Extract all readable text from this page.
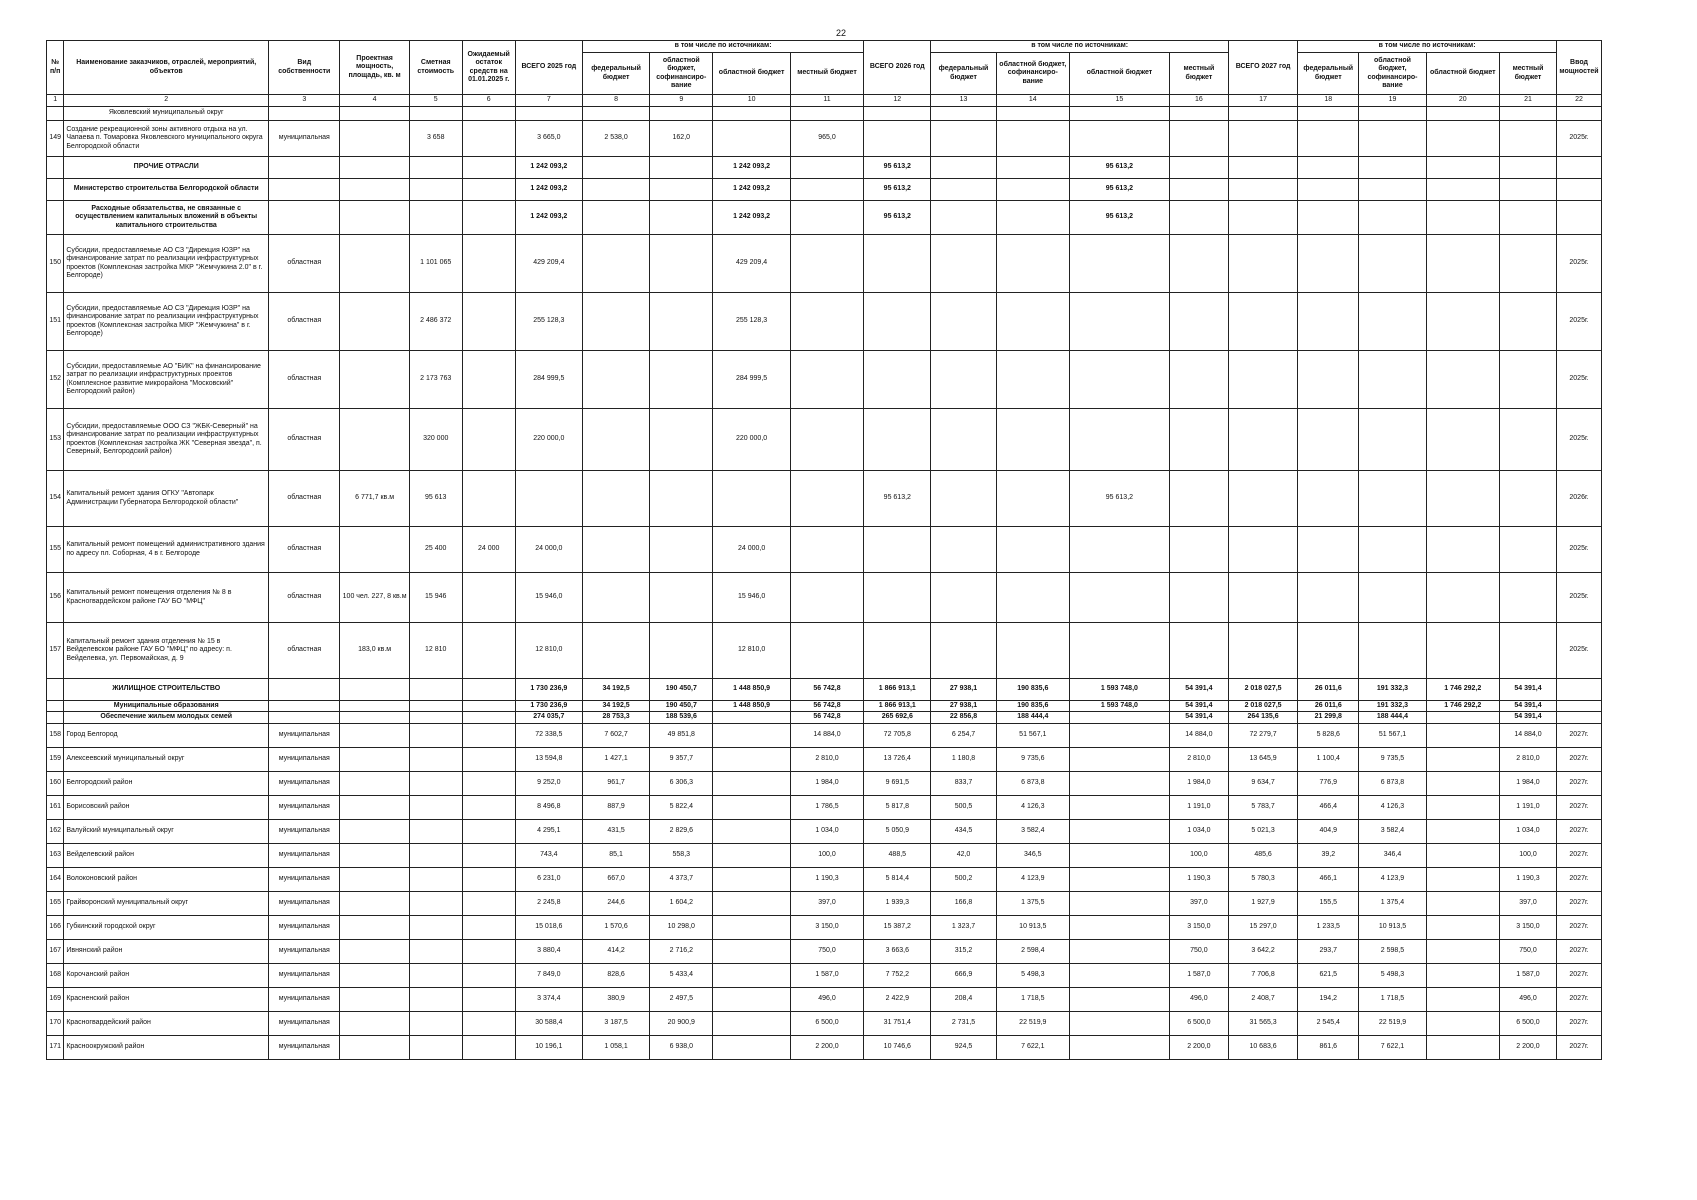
22
№ п/п	Наименование заказчиков, отраслей, мероприятий, объектов	Вид собственности	Проектная мощность, площадь, кв. м	Сметная стоимость	Ожидаемый остаток средств на 01.01.2025 г.	ВСЕГО 2025 год	в том числе по источникам:				ВСЕГО 2026 год	в том числе по источникам:				ВСЕГО 2027 год	в том числе по источникам:				Ввод мощностей
							федеральный бюджет	областной бюджет, софинансиро-вание	областной бюджет	местный бюджет		федеральный бюджет	областной бюджет, софинансиро-вание	областной бюджет	местный бюджет		федеральный бюджет	областной бюджет, софинансиро-вание	областной бюджет	местный бюджет	
1	2	3	4	5	6	7	8	9	10	11	12	13	14	15	16	17	18	19	20	21	22
	Яковлевский муниципальный округ																				
149	Создание рекреационной зоны активного отдыха на ул. Чапаева п. Томаровка Яковлевского муниципального округа Белгородской области	муниципальная		3 658		3 665,0	2 538,0	162,0		965,0											2025г.
	ПРОЧИЕ ОТРАСЛИ					1 242 093,2			1 242 093,2		95 613,2			95 613,2							
	Министерство строительства Белгородской области					1 242 093,2			1 242 093,2		95 613,2			95 613,2							
	Расходные обязательства, не связанные с осуществлением капитальных вложений в объекты капитального строительства					1 242 093,2			1 242 093,2		95 613,2			95 613,2							
150	Субсидии, предоставляемые АО СЗ "Дирекция ЮЗР" на финансирование затрат по реализации инфраструктурных проектов (Комплексная застройка МКР "Жемчужина 2.0" в г. Белгороде)	областная		1 101 065		429 209,4			429 209,4												2025г.
151	Субсидии, предоставляемые АО СЗ "Дирекция ЮЗР" на финансирование затрат по реализации инфраструктурных проектов (Комплексная застройка МКР "Жемчужина" в г. Белгороде)	областная		2 486 372		255 128,3			255 128,3												2025г.
152	Субсидии, предоставляемые АО "БИК" на финансирование затрат по реализации инфраструктурных проектов (Комплексное развитие микрорайона "Московский" Белгородский район)	областная		2 173 763		284 999,5			284 999,5												2025г.
153	Субсидии, предоставляемые ООО СЗ "ЖБК-Северный" на финансирование затрат по реализации инфраструктурных проектов (Комплексная застройка ЖК "Северная звезда", п. Северный, Белгородский район)	областная		320 000		220 000,0			220 000,0												2025г.
154	Капитальный ремонт здания ОГКУ "Автопарк Администрации Губернатора Белгородской области"	областная	6 771,7 кв.м	95 613							95 613,2			95 613,2							2026г.
155	Капитальный ремонт помещений административного здания по адресу пл. Соборная, 4 в г. Белгороде	областная		25 400	24 000	24 000,0			24 000,0												2025г.
156	Капитальный ремонт помещения отделения № 8 в Красногвардейском районе ГАУ БО "МФЦ"	областная	100 чел. 227, 8 кв.м	15 946		15 946,0			15 946,0												2025г.
157	Капитальный ремонт здания отделения № 15 в Вейделевском районе ГАУ БО "МФЦ" по адресу: п. Вейделевка, ул. Первомайская, д. 9	областная	183,0 кв.м	12 810		12 810,0			12 810,0												2025г.
	ЖИЛИЩНОЕ СТРОИТЕЛЬСТВО					1 730 236,9	34 192,5	190 450,7	1 448 850,9	56 742,8	1 866 913,1	27 938,1	190 835,6	1 593 748,0	54 391,4	2 018 027,5	26 011,6	191 332,3	1 746 292,2	54 391,4	
	Муниципальные образования					1 730 236,9	34 192,5	190 450,7	1 448 850,9	56 742,8	1 866 913,1	27 938,1	190 835,6	1 593 748,0	54 391,4	2 018 027,5	26 011,6	191 332,3	1 746 292,2	54 391,4	
	Обеспечение жильем молодых семей					274 035,7	28 753,3	188 539,6		56 742,8	265 692,6	22 856,8	188 444,4		54 391,4	264 135,6	21 299,8	188 444,4		54 391,4	
158	Город Белгород	муниципальная				72 338,5	7 602,7	49 851,8		14 884,0	72 705,8	6 254,7	51 567,1		14 884,0	72 279,7	5 828,6	51 567,1		14 884,0	2027г.
159	Алексеевский муниципальный округ	муниципальная				13 594,8	1 427,1	9 357,7		2 810,0	13 726,4	1 180,8	9 735,6		2 810,0	13 645,9	1 100,4	9 735,5		2 810,0	2027г.
160	Белгородский район	муниципальная				9 252,0	961,7	6 306,3		1 984,0	9 691,5	833,7	6 873,8		1 984,0	9 634,7	776,9	6 873,8		1 984,0	2027г.
161	Борисовский район	муниципальная				8 496,8	887,9	5 822,4		1 786,5	5 817,8	500,5	4 126,3		1 191,0	5 783,7	466,4	4 126,3		1 191,0	2027г.
162	Валуйский муниципальный округ	муниципальная				4 295,1	431,5	2 829,6		1 034,0	5 050,9	434,5	3 582,4		1 034,0	5 021,3	404,9	3 582,4		1 034,0	2027г.
163	Вейделевский район	муниципальная				743,4	85,1	558,3		100,0	488,5	42,0	346,5		100,0	485,6	39,2	346,4		100,0	2027г.
164	Волоконовский район	муниципальная				6 231,0	667,0	4 373,7		1 190,3	5 814,4	500,2	4 123,9		1 190,3	5 780,3	466,1	4 123,9		1 190,3	2027г.
165	Грайворонский муниципальный округ	муниципальная				2 245,8	244,6	1 604,2		397,0	1 939,3	166,8	1 375,5		397,0	1 927,9	155,5	1 375,4		397,0	2027г.
166	Губкинский городской округ	муниципальная				15 018,6	1 570,6	10 298,0		3 150,0	15 387,2	1 323,7	10 913,5		3 150,0	15 297,0	1 233,5	10 913,5		3 150,0	2027г.
167	Ивнянский район	муниципальная				3 880,4	414,2	2 716,2		750,0	3 663,6	315,2	2 598,4		750,0	3 642,2	293,7	2 598,5		750,0	2027г.
168	Корочанский район	муниципальная				7 849,0	828,6	5 433,4		1 587,0	7 752,2	666,9	5 498,3		1 587,0	7 706,8	621,5	5 498,3		1 587,0	2027г.
169	Красненский район	муниципальная				3 374,4	380,9	2 497,5		496,0	2 422,9	208,4	1 718,5		496,0	2 408,7	194,2	1 718,5		496,0	2027г.
170	Красногвардейский район	муниципальная				30 588,4	3 187,5	20 900,9		6 500,0	31 751,4	2 731,5	22 519,9		6 500,0	31 565,3	2 545,4	22 519,9		6 500,0	2027г.
171	Красноокружский район	муниципальная				10 196,1	1 058,1	6 938,0		2 200,0	10 746,6	924,5	7 622,1		2 200,0	10 683,6	861,6	7 622,1		2 200,0	2027г.
